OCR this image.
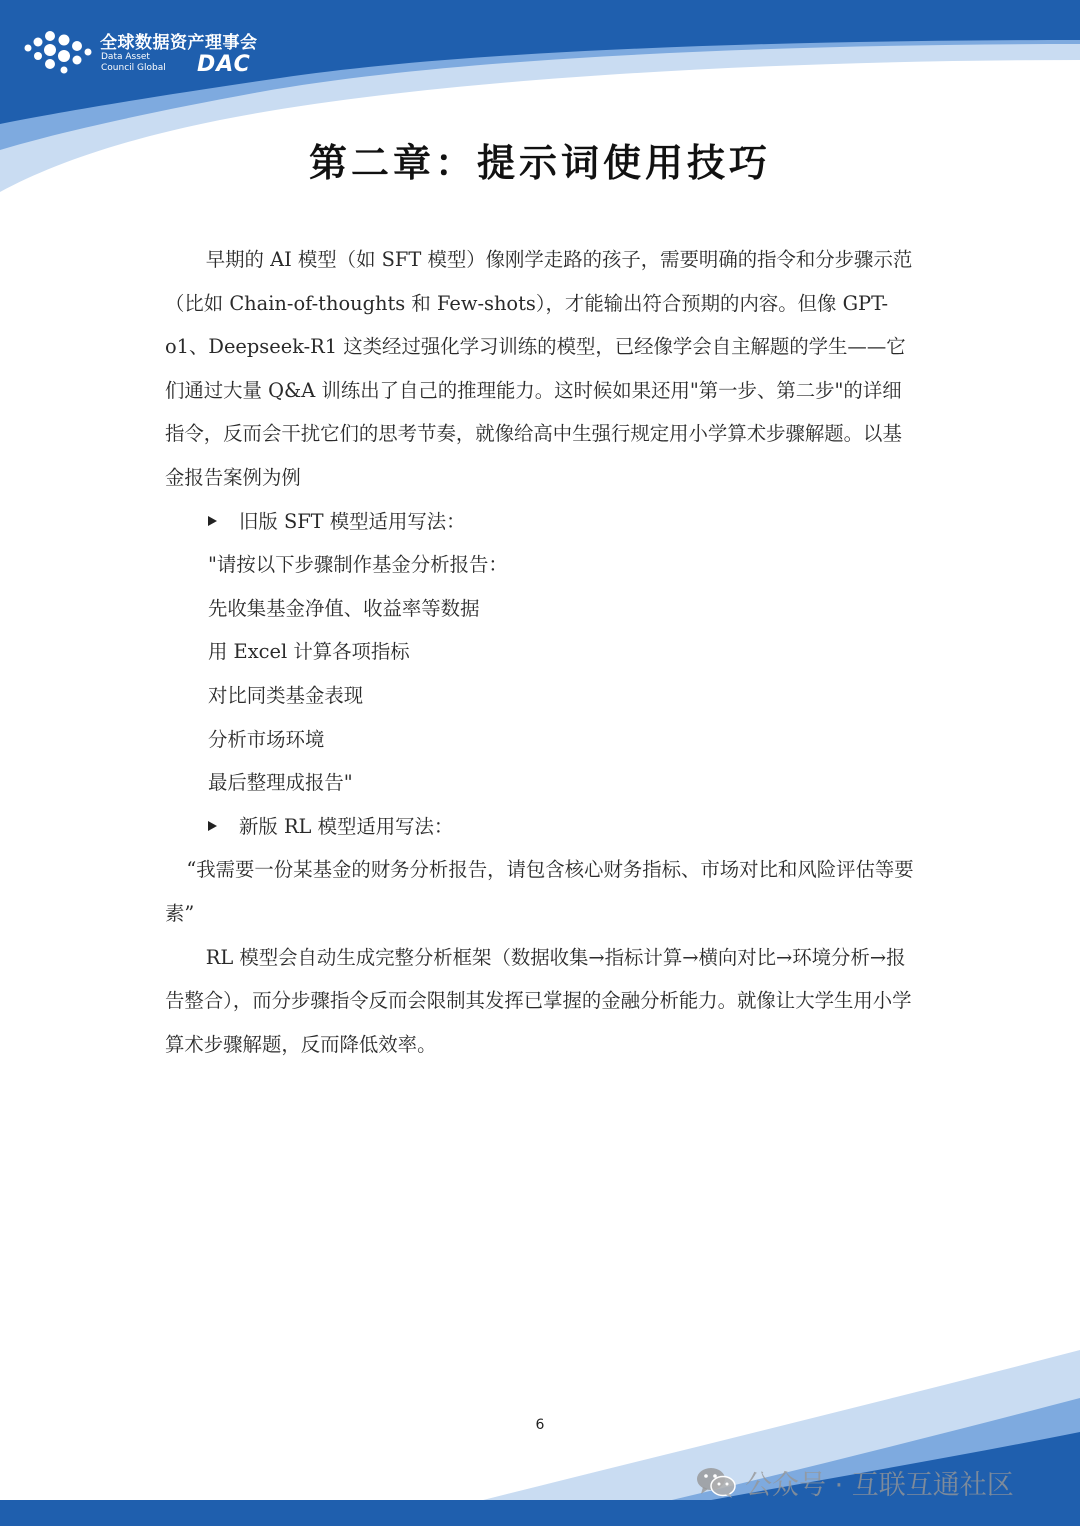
全球数据资产理事会
Data Asset
Council Global DAC
第二章：提示词使用技巧

早期的 AI 模型（如 SFT 模型）像刚学走路的孩子，需要明确的指令和分步骤示范（比如 Chain-of-thoughts 和 Few-shots），才能输出符合预期的内容。但像 GPT-o1、Deepseek-R1 这类经过强化学习训练的模型，已经像学会自主解题的学生——它们通过大量 Q&A 训练出了自己的推理能力。这时候如果还用"第一步、第二步"的详细指令，反而会干扰它们的思考节奏，就像给高中生强行规定用小学算术步骤解题。以基金报告案例为例

旧版 SFT 模型适用写法：

"请按以下步骤制作基金分析报告：

先收集基金净值、收益率等数据

用 Excel 计算各项指标

对比同类基金表现

分析市场环境

最后整理成报告"

新版 RL 模型适用写法：

“我需要一份某基金的财务分析报告，请包含核心财务指标、市场对比和风险评估等要素”

RL 模型会自动生成完整分析框架（数据收集→指标计算→横向对比→环境分析→报告整合），而分步骤指令反而会限制其发挥已掌握的金融分析能力。就像让大学生用小学算术步骤解题，反而降低效率。

6
公众号 · 互联互通社区
